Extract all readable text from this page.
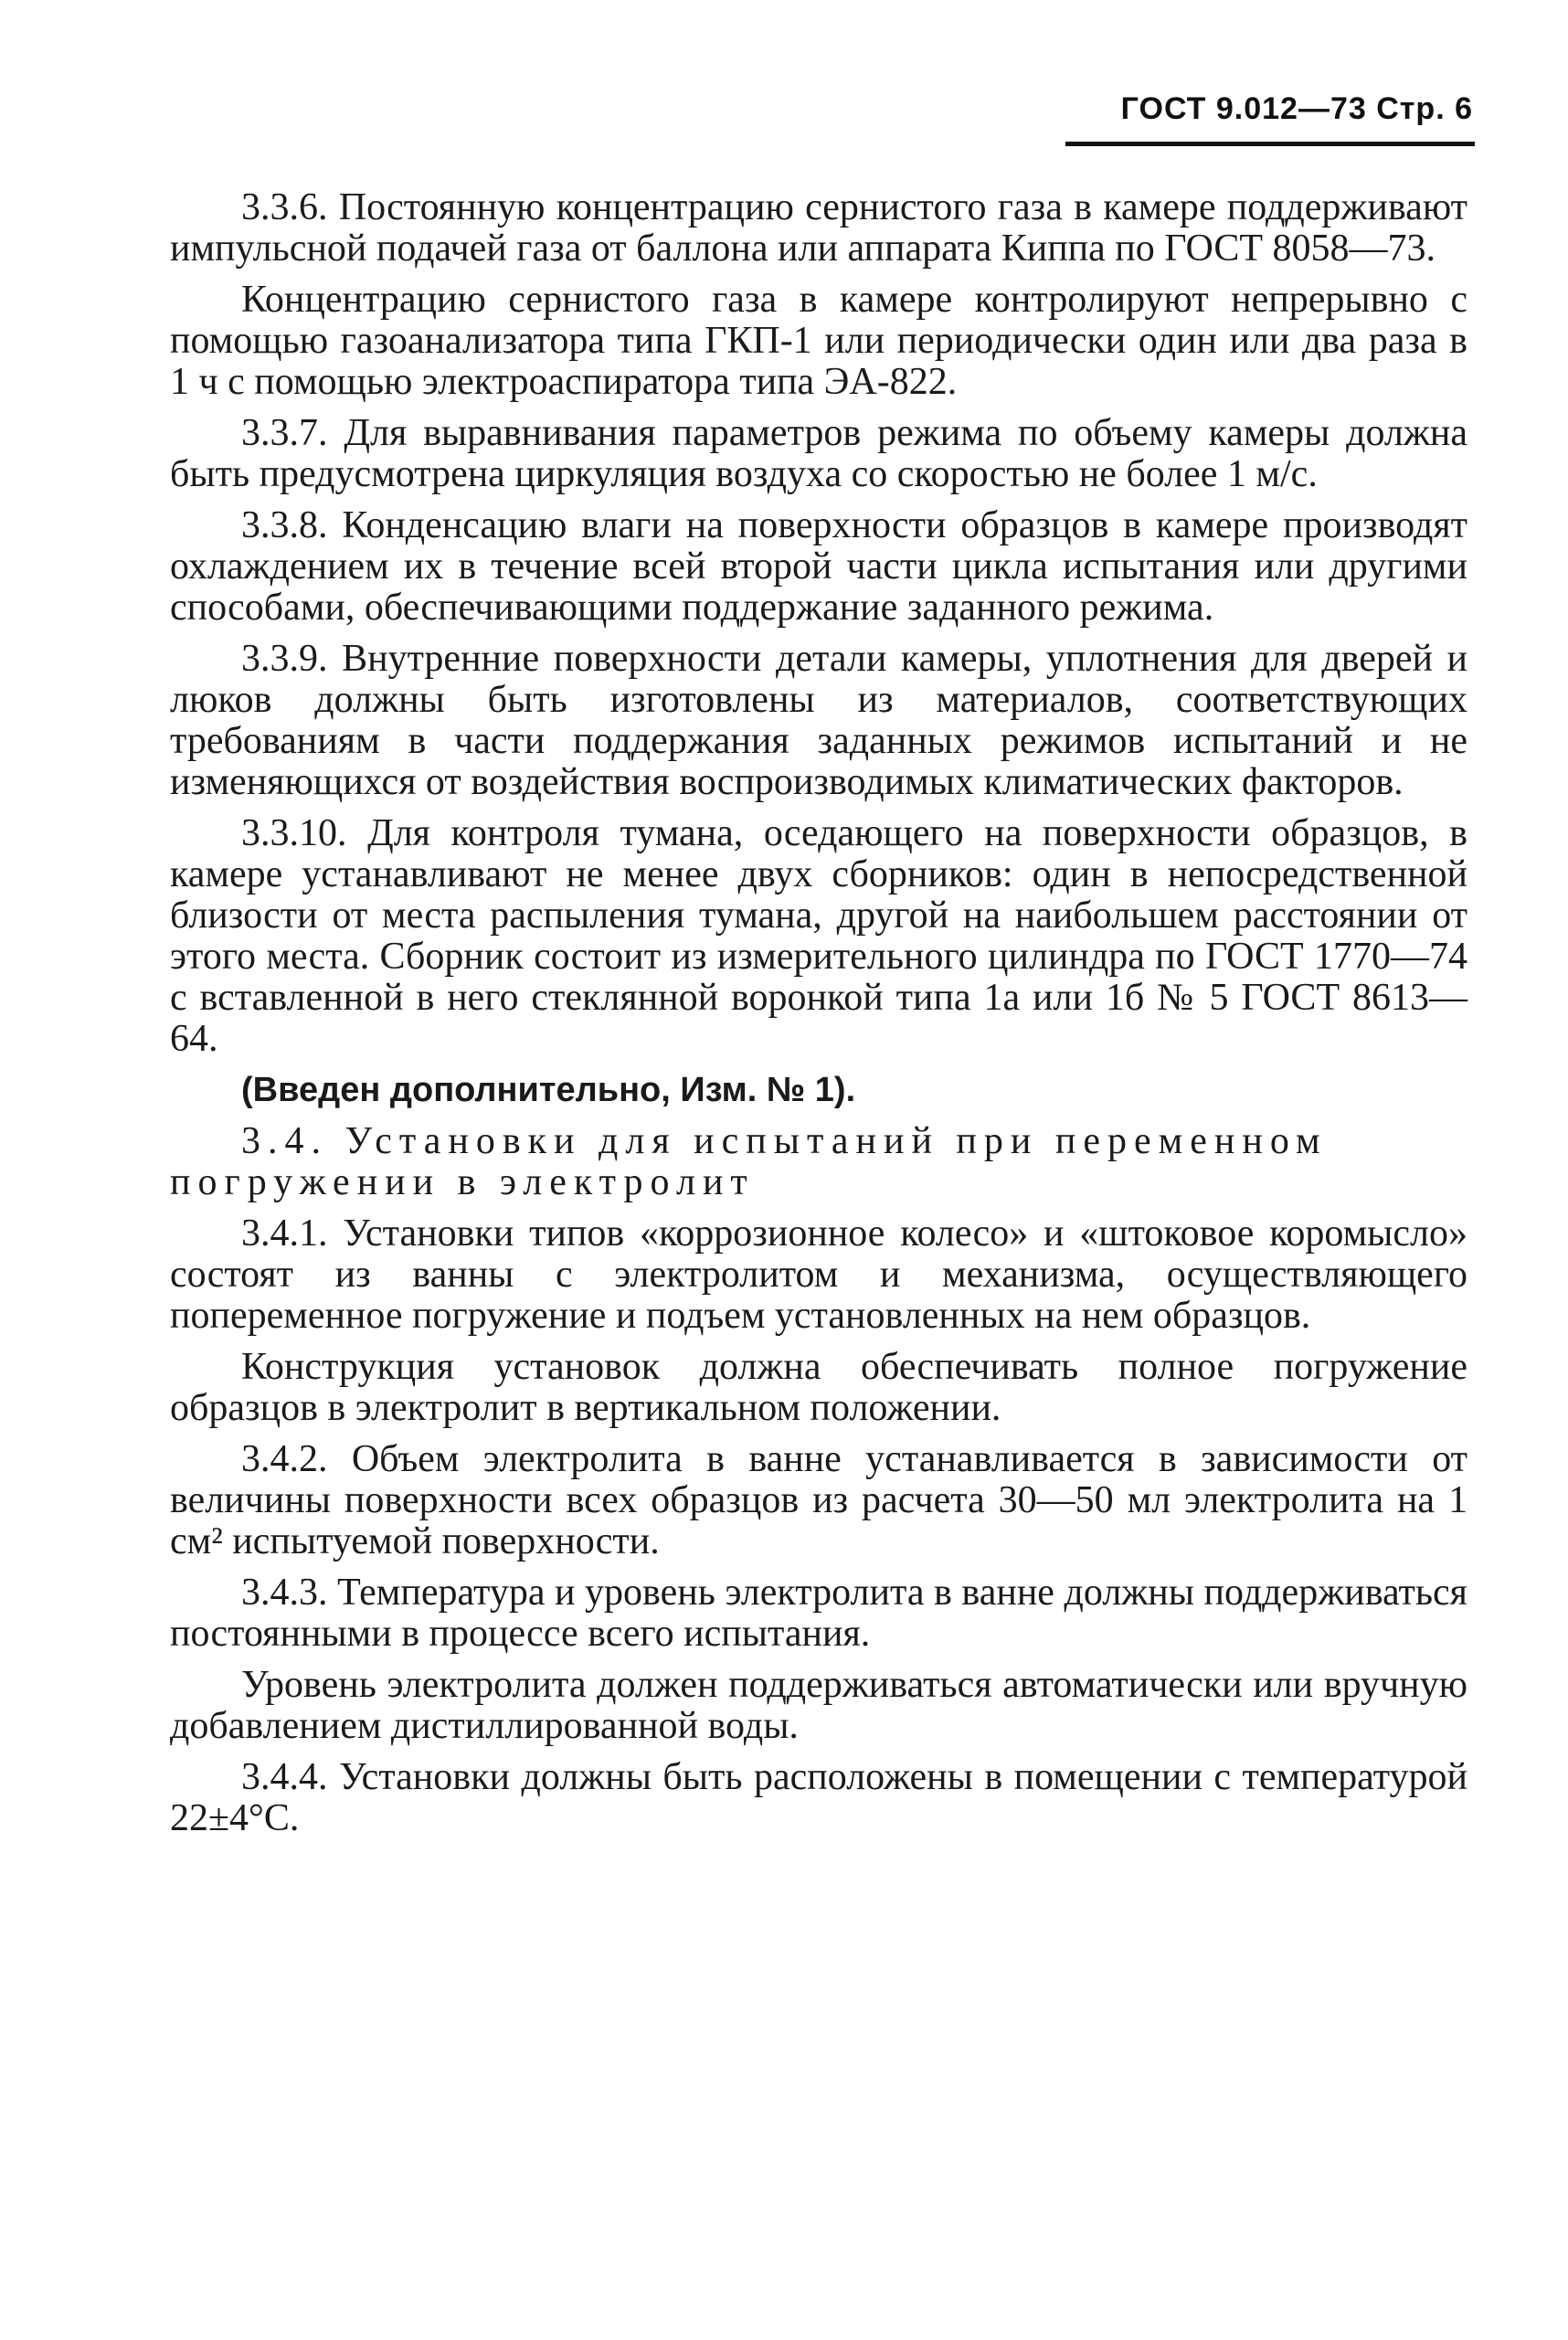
ГОСТ 9.012—73 Стр. 6

3.3.6. Постоянную концентрацию сернистого газа в камере поддерживают импульсной подачей газа от баллона или аппарата Киппа по ГОСТ 8058—73.

Концентрацию сернистого газа в камере контролируют непрерывно с помощью газоанализатора типа ГКП-1 или периодически один или два раза в 1 ч с помощью электроаспиратора типа ЭА-822.

3.3.7. Для выравнивания параметров режима по объему камеры должна быть предусмотрена циркуляция воздуха со скоростью не более 1 м/с.

3.3.8. Конденсацию влаги на поверхности образцов в камере производят охлаждением их в течение всей второй части цикла испытания или другими способами, обеспечивающими поддержание заданного режима.

3.3.9. Внутренние поверхности детали камеры, уплотнения для дверей и люков должны быть изготовлены из материалов, соответствующих требованиям в части поддержания заданных режимов испытаний и не изменяющихся от воздействия воспроизводимых климатических факторов.

3.3.10. Для контроля тумана, оседающего на поверхности образцов, в камере устанавливают не менее двух сборников: один в непосредственной близости от места распыления тумана, другой на наибольшем расстоянии от этого места. Сборник состоит из измерительного цилиндра по ГОСТ 1770—74 с вставленной в него стеклянной воронкой типа 1а или 1б № 5 ГОСТ 8613—64.

(Введен дополнительно, Изм. № 1).

3.4. Установки для испытаний при переменном погружении в электролит

3.4.1. Установки типов «коррозионное колесо» и «штоковое коромысло» состоят из ванны с электролитом и механизма, осуществляющего попеременное погружение и подъем установленных на нем образцов.

Конструкция установок должна обеспечивать полное погружение образцов в электролит в вертикальном положении.

3.4.2. Объем электролита в ванне устанавливается в зависимости от величины поверхности всех образцов из расчета 30—50 мл электролита на 1 см² испытуемой поверхности.

3.4.3. Температура и уровень электролита в ванне должны поддерживаться постоянными в процессе всего испытания.

Уровень электролита должен поддерживаться автоматически или вручную добавлением дистиллированной воды.

3.4.4. Установки должны быть расположены в помещении с температурой 22±4°С.
